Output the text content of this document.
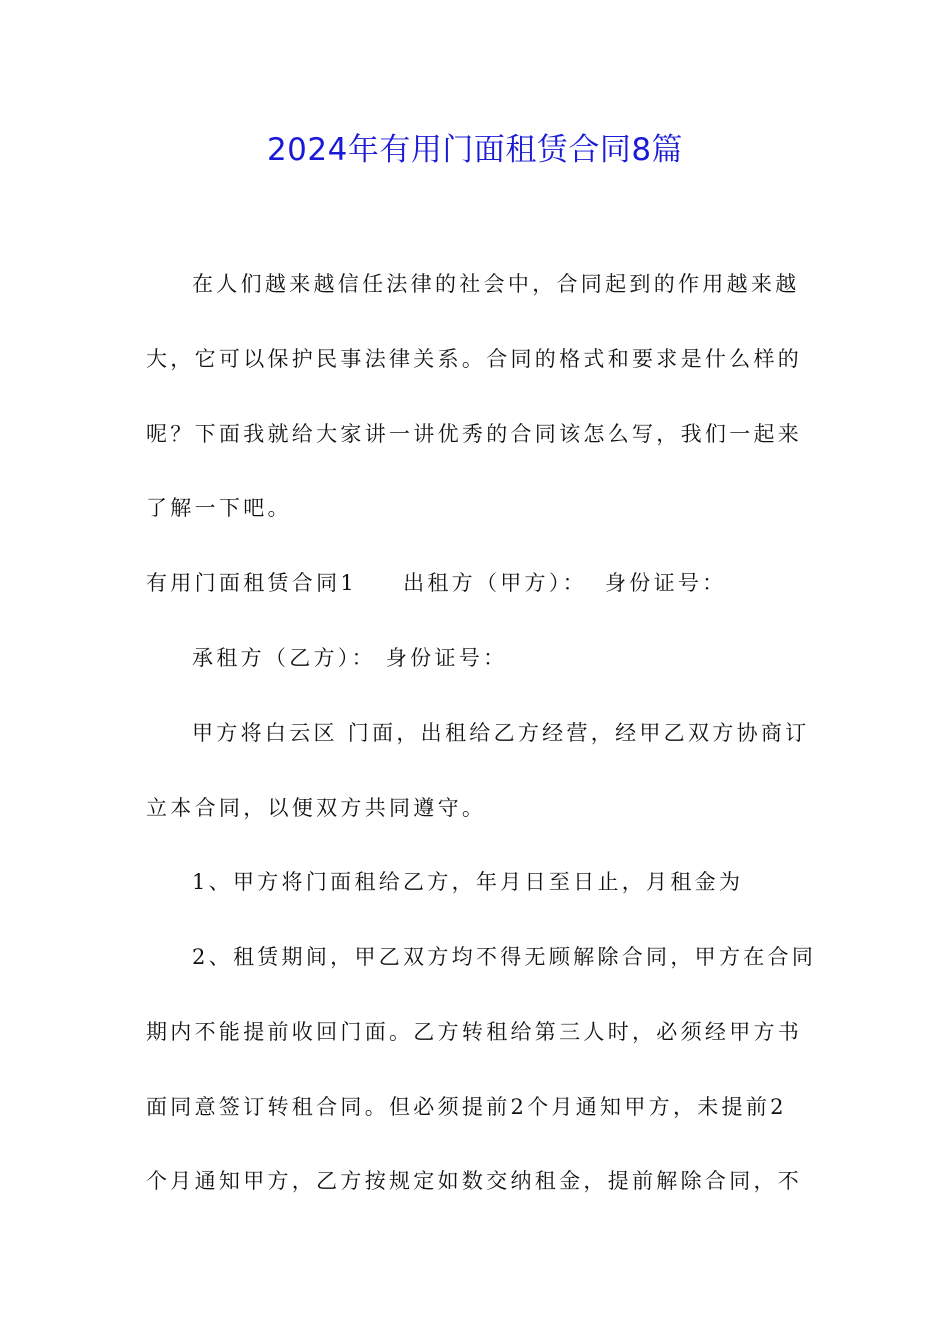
2024年有用门面租赁合同8篇
在人们越来越信任法律的社会中，合同起到的作用越来越
大，它可以保护民事法律关系。合同的格式和要求是什么样的
呢？下面我就给大家讲一讲优秀的合同该怎么写，我们一起来
了解一下吧。
有用门面租赁合同1 出租方（甲方）： 身份证号：
承租方（乙方）： 身份证号：
甲方将白云区 门面，出租给乙方经营，经甲乙双方协商订
立本合同，以便双方共同遵守。
1、甲方将门面租给乙方，年月日至日止，月租金为
2、租赁期间，甲乙双方均不得无顾解除合同，甲方在合同
期内不能提前收回门面。乙方转租给第三人时，必须经甲方书
面同意签订转租合同。但必须提前2个月通知甲方，未提前2
个月通知甲方，乙方按规定如数交纳租金，提前解除合同，不
